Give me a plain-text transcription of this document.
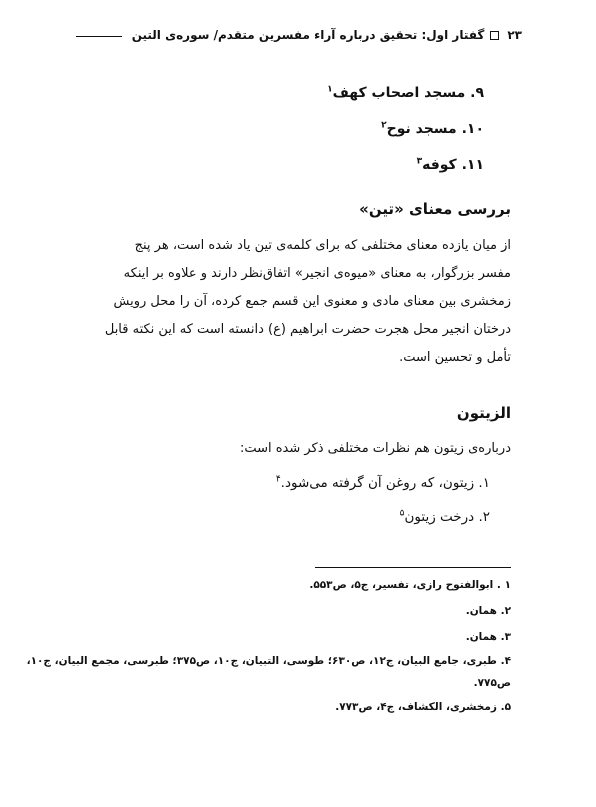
۲۳
گفتار اول: تحقیق درباره آراء مفسرین متقدم/ سوره‌ی التین
۹. مسجد اصحاب کهف$^۱$
۱۰. مسجد نوح$^۲$
۱۱. کوفه$^۳$
بررسی معنای «تین»
از میان یازده معنای مختلفی که برای کلمه‌ی تین یاد شده است، هر پنج
مفسر بزرگوار، به معنای «میوه‌ی انجیر» اتفاق‌نظر دارند و علاوه بر اینکه
زمخشری بین معنای مادی و معنوی این قسم جمع کرده، آن را محل رویش
درختان انجیر محل هجرت حضرت ابراهیم (ع) دانسته است که این نکته قابل
تأمل و تحسین است.
الزیتون
درباره‌ی زیتون هم نظرات مختلفی ذکر شده است:
۱. زیتون، که روغن آن گرفته می‌شود.$^۴$
۲. درخت زیتون$^۵$
۱ . ابوالفتوح رازی، تفسیر، ج۵، ص۵۵۳.
۲. همان.
۳. همان.
۴. طبری، جامع البیان، ج۱۲، ص۶۳۰؛ طوسی، التبیان، ج۱۰، ص۳۷۵؛ طبرسی، مجمع البیان، ج۱۰،
ص۷۷۵.
۵. زمخشری، الکشاف، ج۴، ص۷۷۳.
